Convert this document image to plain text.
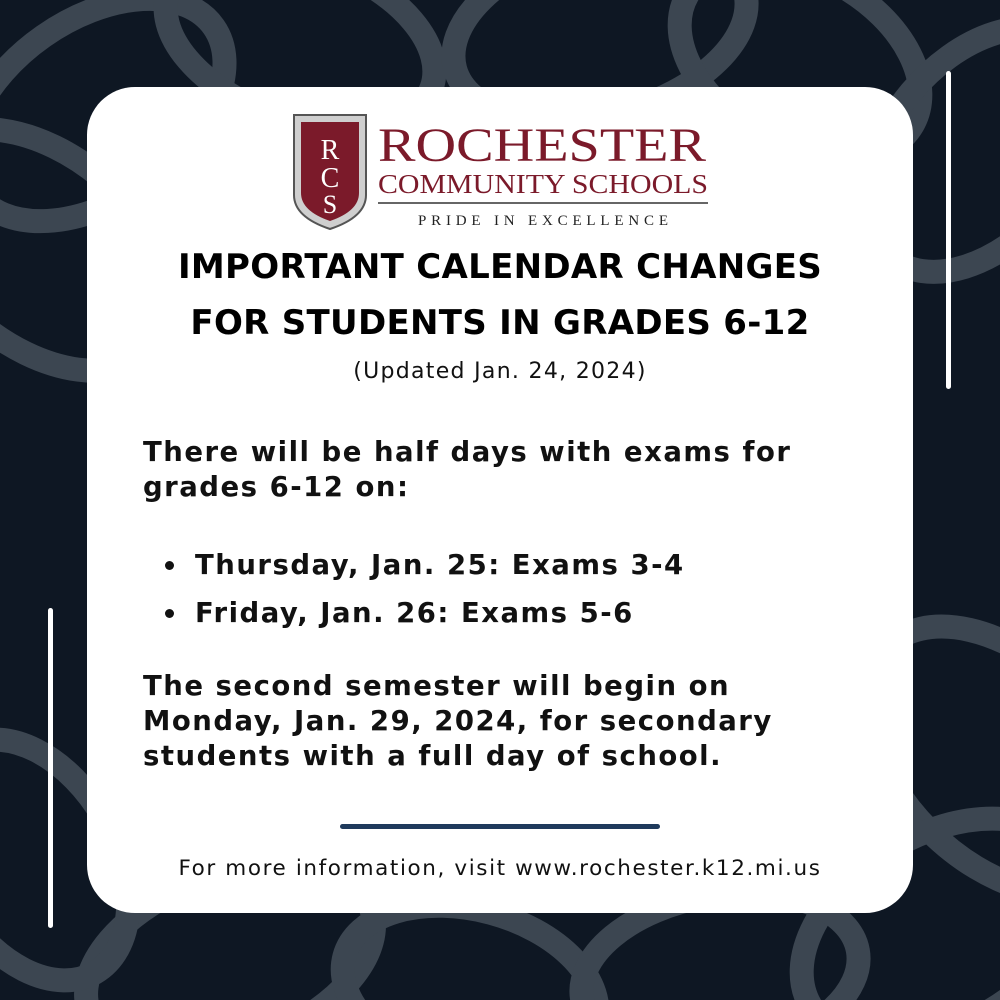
R
C
S
ROCHESTER
COMMUNITY SCHOOLS
PRIDE IN EXCELLENCE
IMPORTANT CALENDAR CHANGES
FOR STUDENTS IN GRADES 6-12
(Updated Jan. 24, 2024)
There will be half days with exams for
grades 6-12 on:
Thursday, Jan. 25: Exams 3-4
Friday, Jan. 26: Exams 5-6
The second semester will begin on
Monday, Jan. 29, 2024, for secondary
students with a full day of school.
For more information, visit www.rochester.k12.mi.us
